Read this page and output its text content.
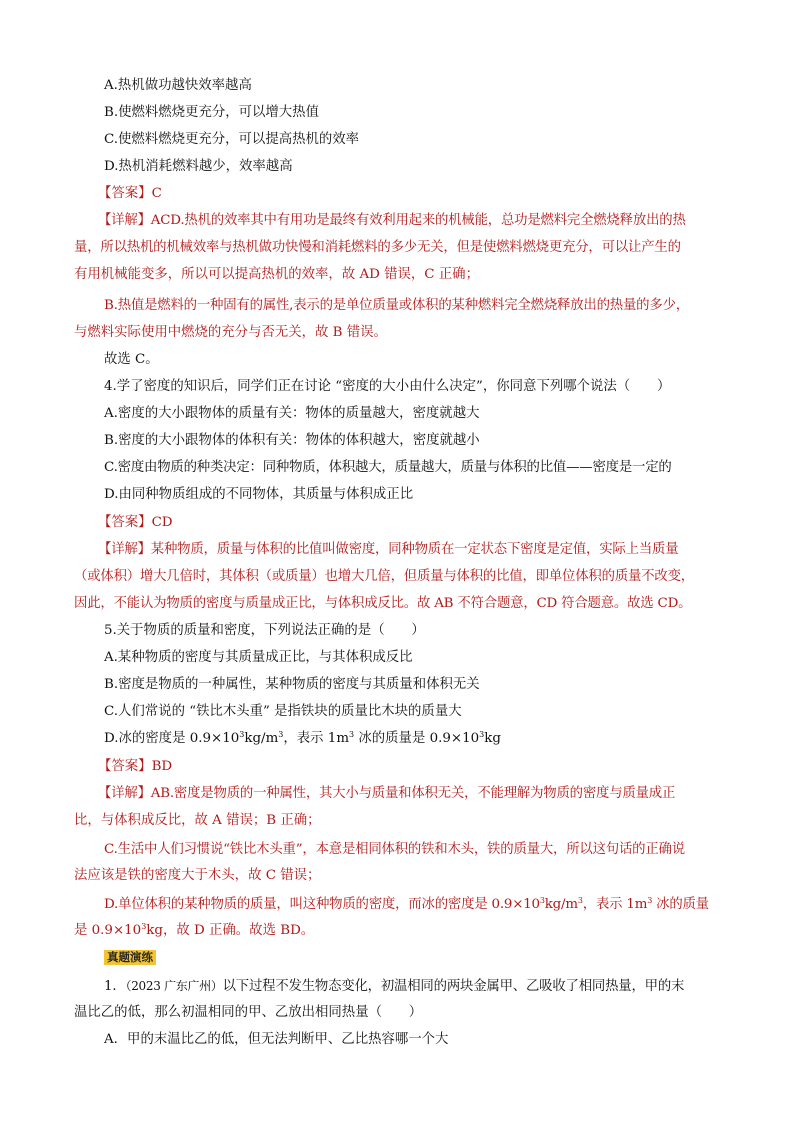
A.热机做功越快效率越高
B.使燃料燃烧更充分，可以增大热值
C.使燃料燃烧更充分，可以提高热机的效率
D.热机消耗燃料越少，效率越高
【答案】C
【详解】ACD.热机的效率其中有用功是最终有效利用起来的机械能，总功是燃料完全燃烧释放出的热
量，所以热机的机械效率与热机做功快慢和消耗燃料的多少无关，但是使燃料燃烧更充分，可以让产生的
有用机械能变多，所以可以提高热机的效率，故 AD 错误，C 正确；
B.热值是燃料的一种固有的属性,表示的是单位质量或体积的某种燃料完全燃烧释放出的热量的多少，
与燃料实际使用中燃烧的充分与否无关，故 B 错误。
故选 C。
4.学了密度的知识后，同学们正在讨论 “密度的大小由什么决定”，你同意下列哪个说法（　　）
A.密度的大小跟物体的质量有关：物体的质量越大，密度就越大
B.密度的大小跟物体的体积有关：物体的体积越大，密度就越小
C.密度由物质的种类决定：同种物质，体积越大，质量越大，质量与体积的比值——密度是一定的
D.由同种物质组成的不同物体，其质量与体积成正比
【答案】CD
【详解】某种物质，质量与体积的比值叫做密度，同种物质在一定状态下密度是定值，实际上当质量
（或体积）增大几倍时，其体积（或质量）也增大几倍，但质量与体积的比值，即单位体积的质量不改变，
因此，不能认为物质的密度与质量成正比，与体积成反比。故 AB 不符合题意，CD 符合题意。故选 CD。
5.关于物质的质量和密度，下列说法正确的是（　　）
A.某种物质的密度与其质量成正比，与其体积成反比
B.密度是物质的一种属性，某种物质的密度与其质量和体积无关
C.人们常说的 “铁比木头重” 是指铁块的质量比木块的质量大
D.冰的密度是 $0.9\times 10^3kg/m^3$，表示 $1m^3$ 冰的质量是 $0.9\times 10^3kg$
【答案】BD
【详解】AB.密度是物质的一种属性，其大小与质量和体积无关，不能理解为物质的密度与质量成正
比，与体积成反比，故 A 错误；B 正确；
C.生活中人们习惯说“铁比木头重”，本意是相同体积的铁和木头，铁的质量大，所以这句话的正确说
法应该是铁的密度大于木头，故 C 错误；
D.单位体积的某种物质的质量，叫这种物质的密度，而冰的密度是 $0.9\times 10^3kg/m^3$，表示 $1m^3$ 冰的质量
是 $0.9\times 10^3kg$，故 D 正确。故选 BD。
真题演练
1．（2023 广东广州）以下过程不发生物态变化，初温相同的两块金属甲、乙吸收了相同热量，甲的末
温比乙的低，那么初温相同的甲、乙放出相同热量（　　）
A．甲的末温比乙的低，但无法判断甲、乙比热容哪一个大
